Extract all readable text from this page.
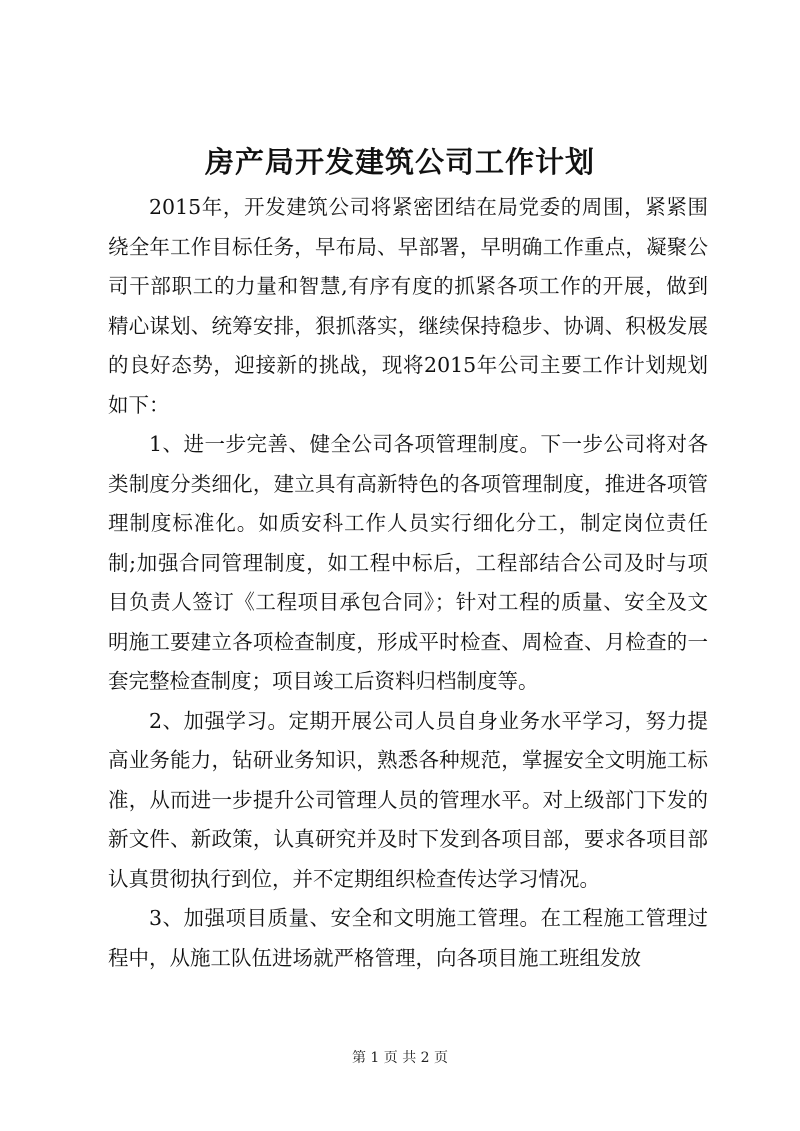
房产局开发建筑公司工作计划

2015年，开发建筑公司将紧密团结在局党委的周围，紧紧围绕全年工作目标任务，早布局、早部署，早明确工作重点，凝聚公司干部职工的力量和智慧,有序有度的抓紧各项工作的开展，做到精心谋划、统筹安排，狠抓落实，继续保持稳步、协调、积极发展的良好态势，迎接新的挑战，现将2015年公司主要工作计划规划如下：

1、进一步完善、健全公司各项管理制度。下一步公司将对各类制度分类细化，建立具有高新特色的各项管理制度，推进各项管理制度标准化。如质安科工作人员实行细化分工，制定岗位责任制;加强合同管理制度，如工程中标后，工程部结合公司及时与项目负责人签订《工程项目承包合同》；针对工程的质量、安全及文明施工要建立各项检查制度，形成平时检查、周检查、月检查的一套完整检查制度；项目竣工后资料归档制度等。

2、加强学习。定期开展公司人员自身业务水平学习，努力提高业务能力，钻研业务知识，熟悉各种规范，掌握安全文明施工标准，从而进一步提升公司管理人员的管理水平。对上级部门下发的新文件、新政策，认真研究并及时下发到各项目部，要求各项目部认真贯彻执行到位，并不定期组织检查传达学习情况。

3、加强项目质量、安全和文明施工管理。在工程施工管理过程中，从施工队伍进场就严格管理，向各项目施工班组发放

第 1 页 共 2 页
